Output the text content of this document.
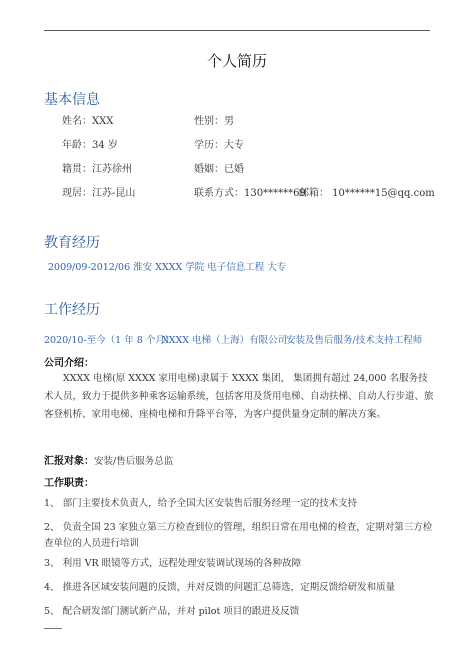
个人简历
基本信息
姓名：XXX	性别：男
年龄：34 岁	学历：大专
籍贯：江苏徐州	婚姻：已婚
现居：江苏-昆山	联系方式：130******69
邮箱： 10******15@qq.com
教育经历
2009/09-2012/06 淮安 XXXX 学院 电子信息工程 大专
工作经历
2020/10-至今（1 年 8 个月）
XXXX 电梯（上海）有限公司
安装及售后服务/技术支持工程师
公司介绍：
XXXX 电梯(原 XXXX 家用电梯)隶属于 XXXX 集团， 集团拥有超过 24,000 名服务技术人员，致力于提供多种乘客运输系统，包括客用及货用电梯、自动扶梯、自动人行步道、旅客登机桥、家用电梯、座椅电梯和升降平台等，为客户提供量身定制的解决方案。
汇报对象：安装/售后服务总监
工作职责：
1、 部门主要技术负责人，给予全国大区安装售后服务经理一定的技术支持
2、 负责全国 23 家独立第三方检查到位的管理，组织日常在用电梯的检查，定期对第三方检查单位的人员进行培训
3、 利用 VR 眼镜等方式，远程处理安装调试现场的各种故障
4、 推进各区域安装问题的反馈，并对反馈的问题汇总筛选，定期反馈给研发和质量
5、 配合研发部门测试新产品，并对 pilot 项目的跟进及反馈
